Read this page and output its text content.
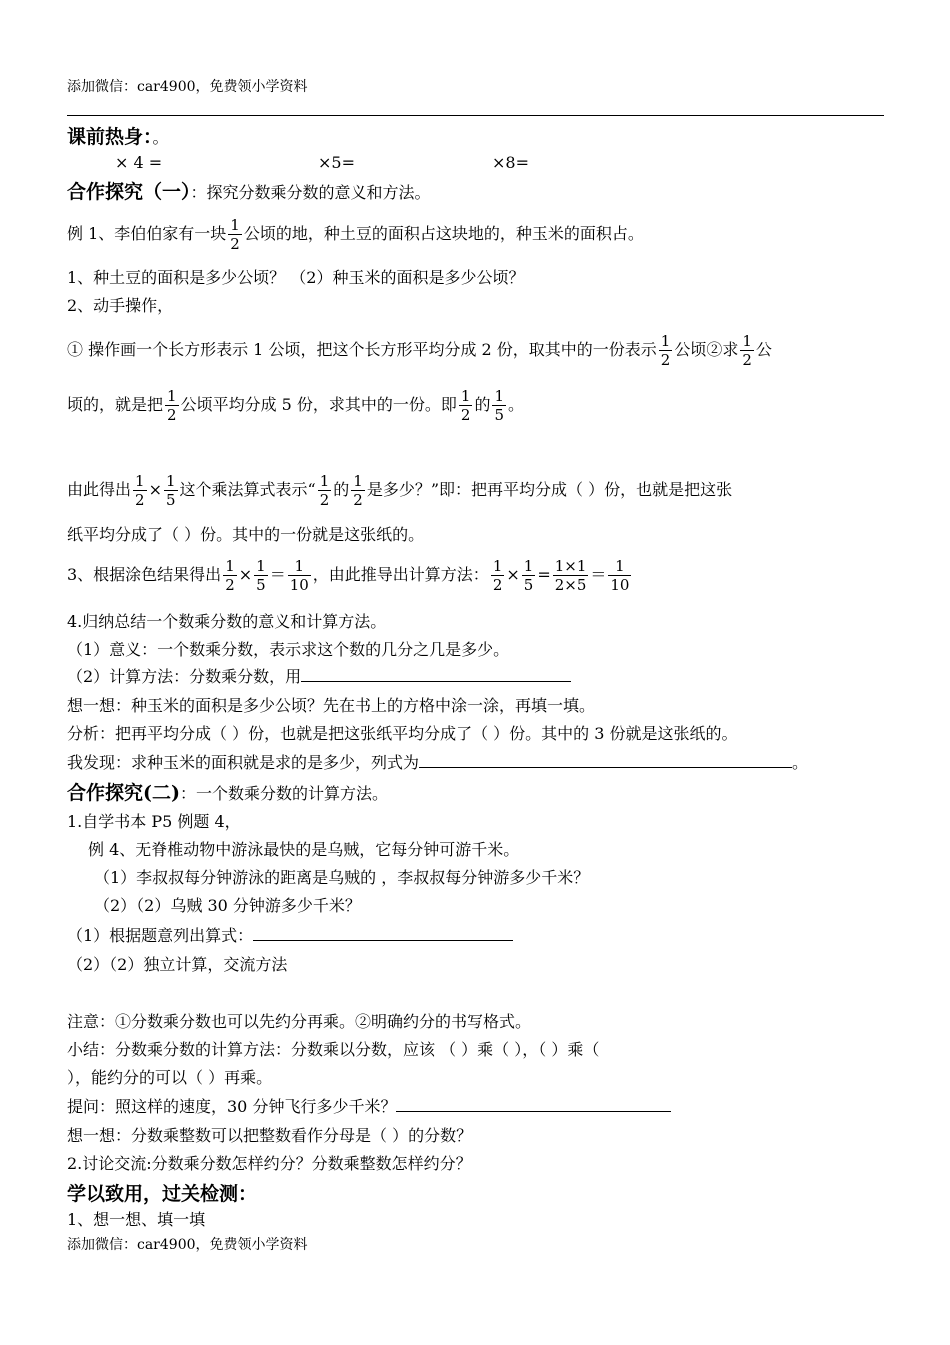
添加微信：car4900，免费领小学资料
课前热身：。
× 4 =	×5=	×8=
合作探究（一）：探究分数乘分数的意义和方法。
例 1、李伯伯家有一块 $\frac{1}{2}$ 公顷的地，种土豆的面积占这块地的，种玉米的面积占。
1、种土豆的面积是多少公顷？ （2）种玉米的面积是多少公顷？
2、动手操作，
① 操作画一个长方形表示 1 公顷，把这个长方形平均分成 2 份，取其中的一份表示 $\frac{1}{2}$ 公顷②求 $\frac{1}{2}$ 公
顷的，就是把 $\frac{1}{2}$ 公顷平均分成 5 份，求其中的一份。即 $\frac{1}{2}$ 的 $\frac{1}{5}$ 。
由此得出 $\frac{1}{2} \times \frac{1}{5}$ 这个乘法算式表示“ $\frac{1}{2}$ 的 $\frac{1}{2}$ 是多少？”即：把再平均分成（ ）份，也就是把这张
纸平均分成了（ ）份。其中的一份就是这张纸的。
3、根据涂色结果得出 $\frac{1}{2} \times \frac{1}{5} = \frac{1}{10}$ ，由此推导出计算方法： $\frac{1}{2} \times \frac{1}{5} = \frac{1\times 1}{2\times 5} = \frac{1}{10}$
4.归纳总结一个数乘分数的意义和计算方法。
（1）意义：一个数乘分数，表示求这个数的几分之几是多少。
（2）计算方法：分数乘分数，用
想一想：种玉米的面积是多少公顷？先在书上的方格中涂一涂，再填一填。
分析：把再平均分成（ ）份，也就是把这张纸平均分成了（ ）份。其中的 3 份就是这张纸的。
我发现：求种玉米的面积就是求的是多少，列式为	。
合作探究(二)：一个数乘分数的计算方法。
1.自学书本 P5 例题 4，
例 4、无脊椎动物中游泳最快的是乌贼，它每分钟可游千米。
（1）李叔叔每分钟游泳的距离是乌贼的 ，李叔叔每分钟游多少千米？
（2）（2）乌贼 30 分钟游多少千米？
（1）根据题意列出算式：
（2）（2）独立计算，交流方法
注意：①分数乘分数也可以先约分再乘。②明确约分的书写格式。
小结：分数乘分数的计算方法：分数乘以分数，应该 （ ）乘（ ），（ ）乘（
），能约分的可以（ ）再乘。
提问：照这样的速度，30 分钟飞行多少千米？
想一想：分数乘整数可以把整数看作分母是（ ）的分数？
2.讨论交流:分数乘分数怎样约分？分数乘整数怎样约分？
学以致用，过关检测：
1、想一想、填一填
添加微信：car4900，免费领小学资料
